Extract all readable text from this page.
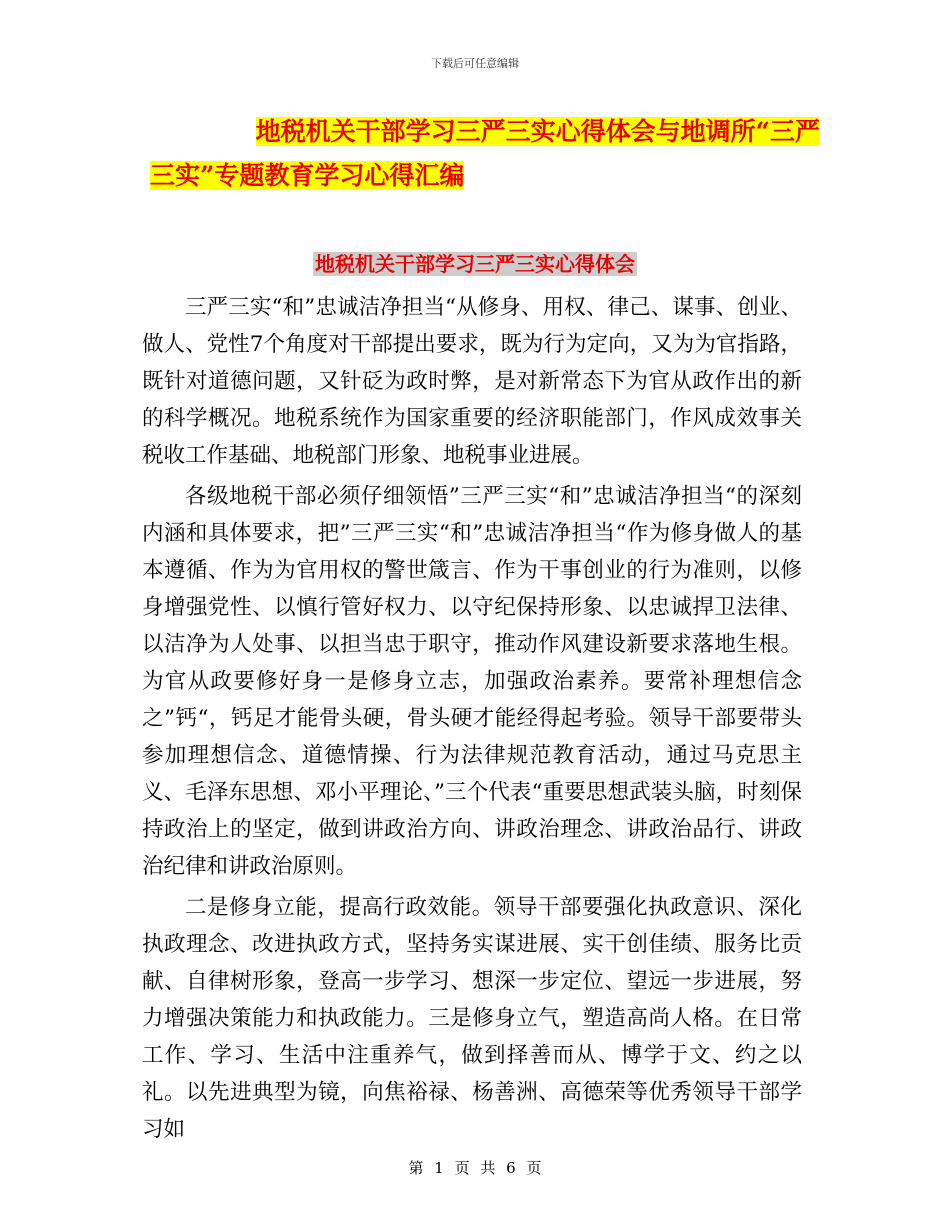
下载后可任意编辑
地税机关干部学习三严三实心得体会与地调所“三严
三实”专题教育学习心得汇编
地税机关干部学习三严三实心得体会

三严三实“和”忠诚洁净担当“从修身、用权、律己、谋事、创业、做人、党性7个角度对干部提出要求，既为行为定向，又为为官指路，既针对道德问题，又针砭为政时弊，是对新常态下为官从政作出的新的科学概况。地税系统作为国家重要的经济职能部门，作风成效事关税收工作基础、地税部门形象、地税事业进展。

各级地税干部必须仔细领悟”三严三实“和”忠诚洁净担当“的深刻内涵和具体要求，把”三严三实“和”忠诚洁净担当“作为修身做人的基本遵循、作为为官用权的警世箴言、作为干事创业的行为准则，以修身增强党性、以慎行管好权力、以守纪保持形象、以忠诚捍卫法律、以洁净为人处事、以担当忠于职守，推动作风建设新要求落地生根。为官从政要修好身一是修身立志，加强政治素养。要常补理想信念之”钙“，钙足才能骨头硬，骨头硬才能经得起考验。领导干部要带头参加理想信念、道德情操、行为法律规范教育活动，通过马克思主义、毛泽东思想、邓小平理论、”三个代表“重要思想武装头脑，时刻保持政治上的坚定，做到讲政治方向、讲政治理念、讲政治品行、讲政治纪律和讲政治原则。

二是修身立能，提高行政效能。领导干部要强化执政意识、深化执政理念、改进执政方式，坚持务实谋进展、实干创佳绩、服务比贡献、自律树形象，登高一步学习、想深一步定位、望远一步进展，努力增强决策能力和执政能力。三是修身立气，塑造高尚人格。在日常工作、学习、生活中注重养气，做到择善而从、博学于文、约之以礼。以先进典型为镜，向焦裕禄、杨善洲、高德荣等优秀领导干部学习如

第 1 页 共 6 页
